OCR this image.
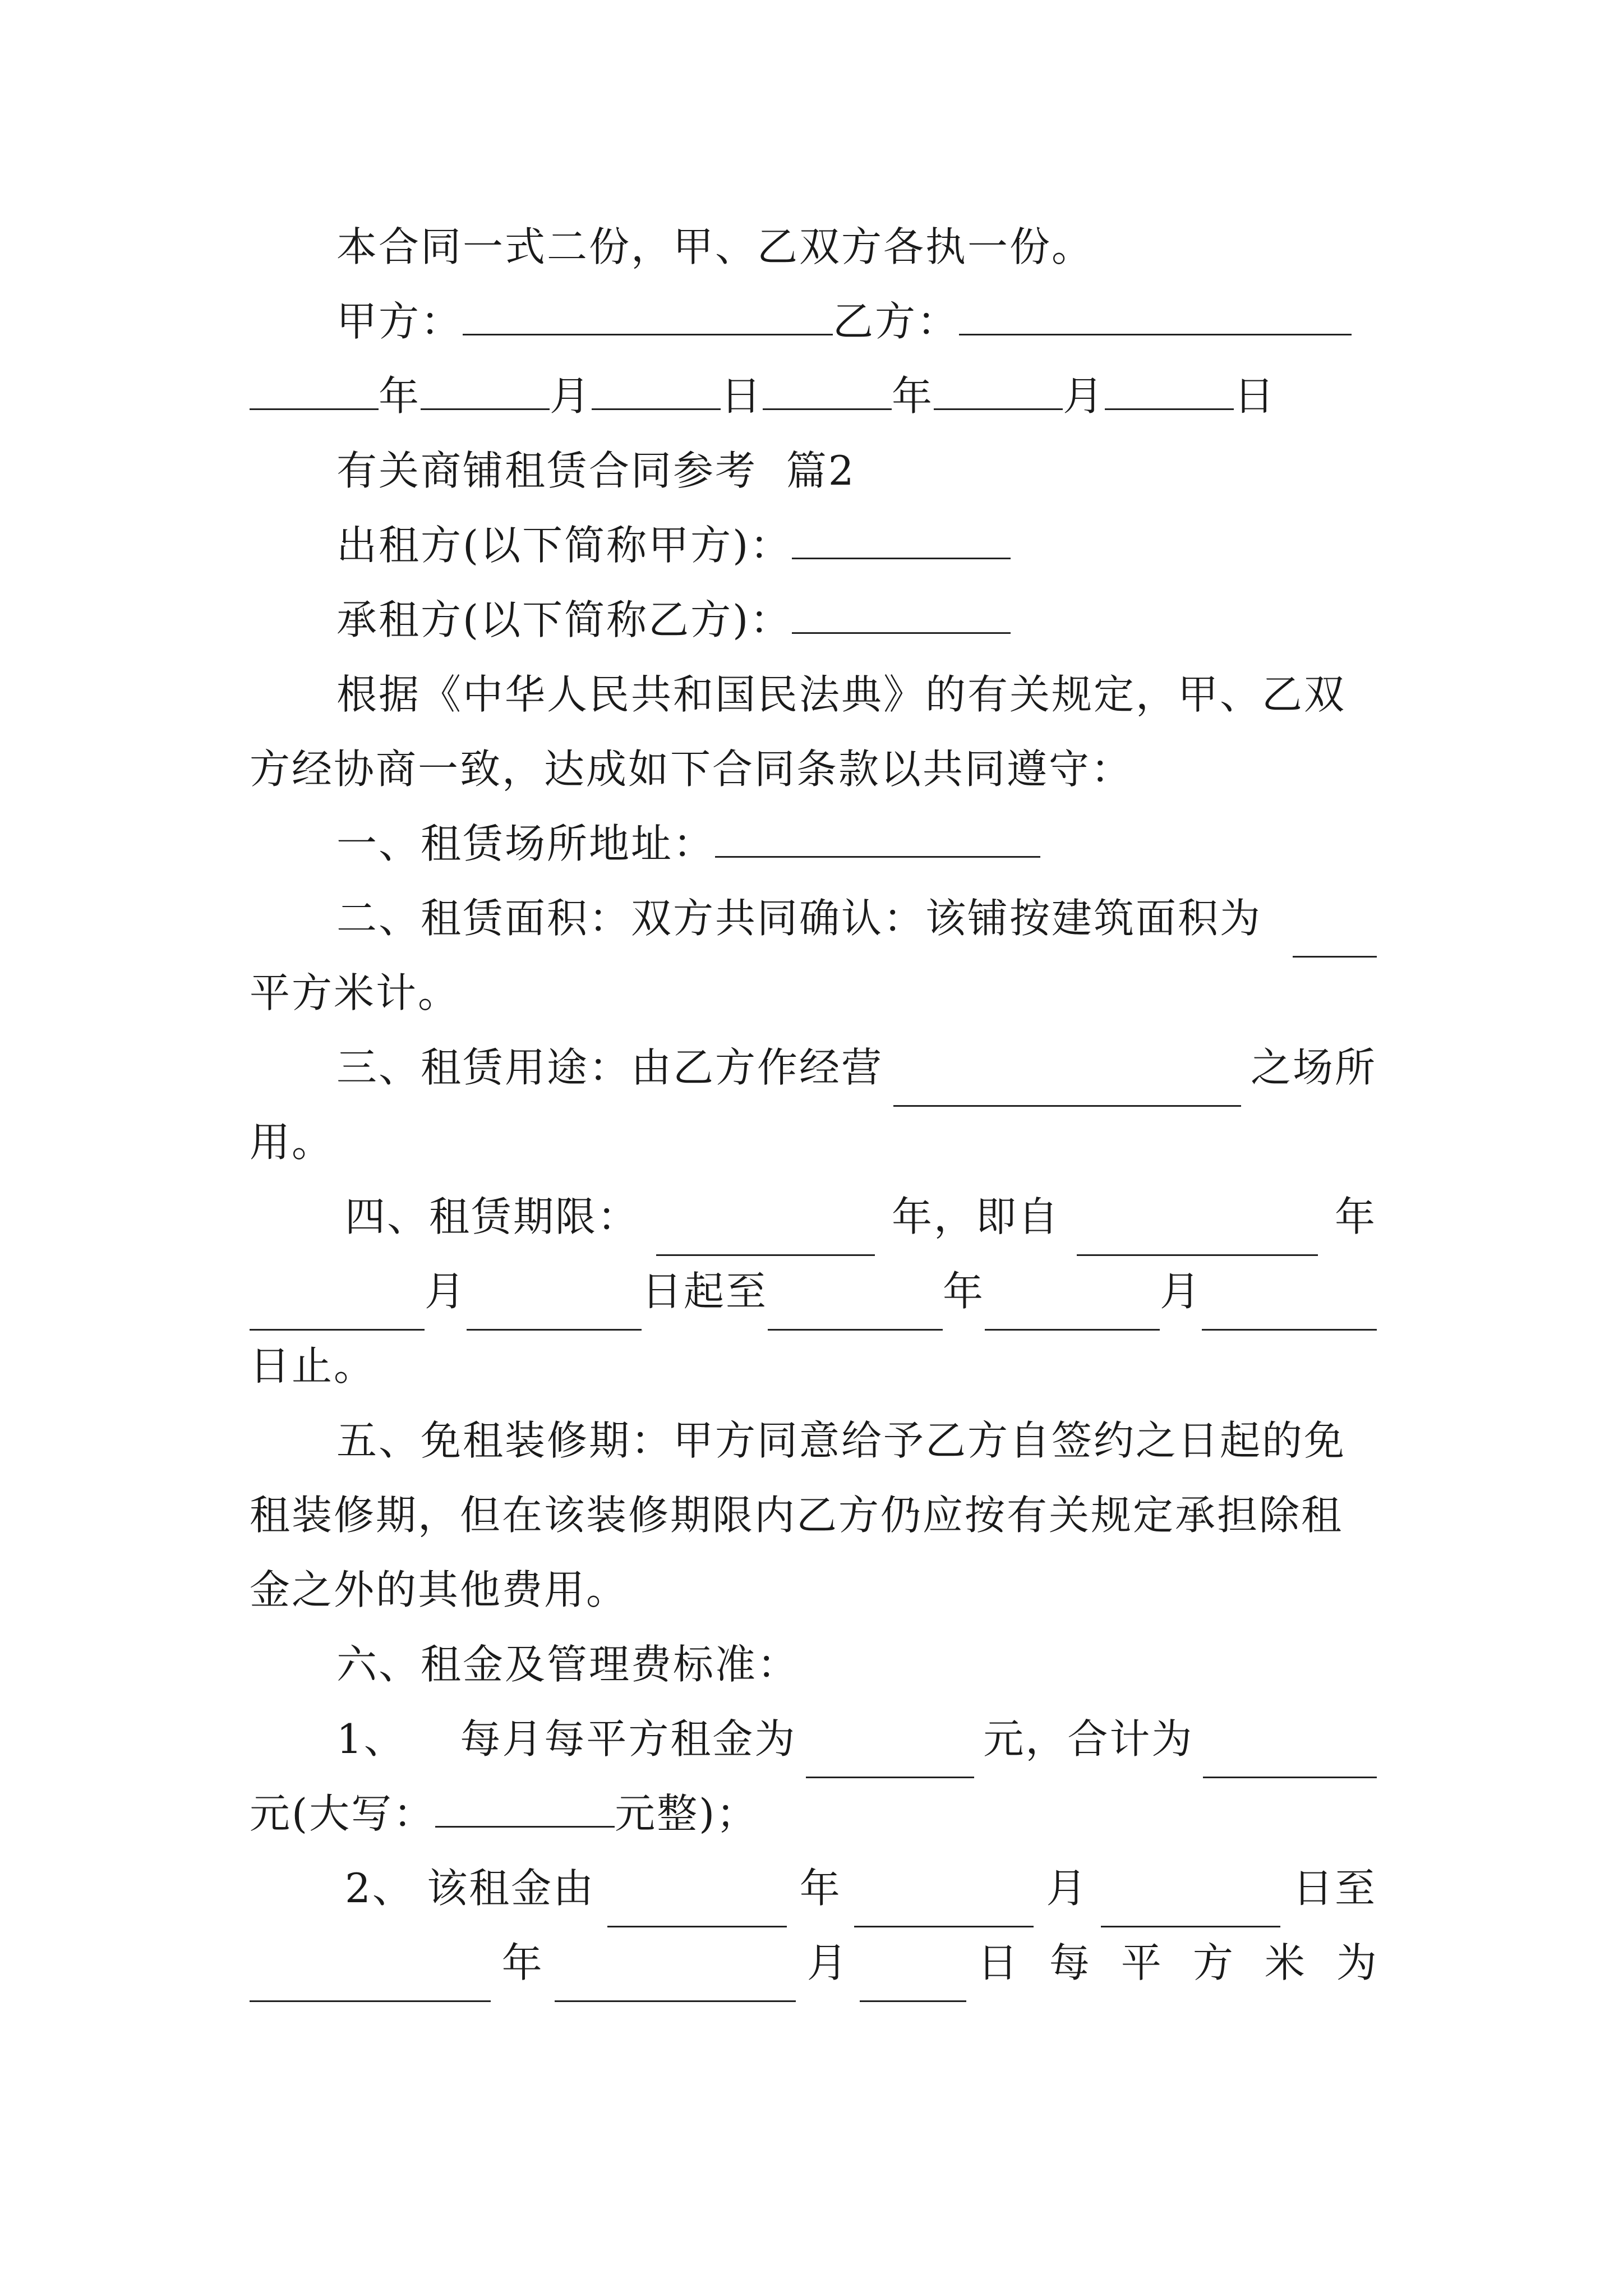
本合同一式二份，甲、乙双方各执一份。
甲方：	乙方：
年	月	日	年	月	日
有关商铺租赁合同参考  篇2
出租方(以下简称甲方)：
承租方(以下简称乙方)：
根据《中华人民共和国民法典》的有关规定，甲、乙双
方经协商一致，达成如下合同条款以共同遵守：
一、租赁场所地址：
二、租赁面积：双方共同确认：该铺按建筑面积为
平方米计。
三、租赁用途：由乙方作经营	之场所
用。
四、租赁期限：	年，即自	年
月	日起至	年	月
日止。
五、免租装修期：甲方同意给予乙方自签约之日起的免
租装修期，但在该装修期限内乙方仍应按有关规定承担除租
金之外的其他费用。
六、租金及管理费标准：
1、 每月每平方租金为	元，合计为
元(大写：	元整)；
2、 该租金由	年	月	日至
年	月	日每平方米为
